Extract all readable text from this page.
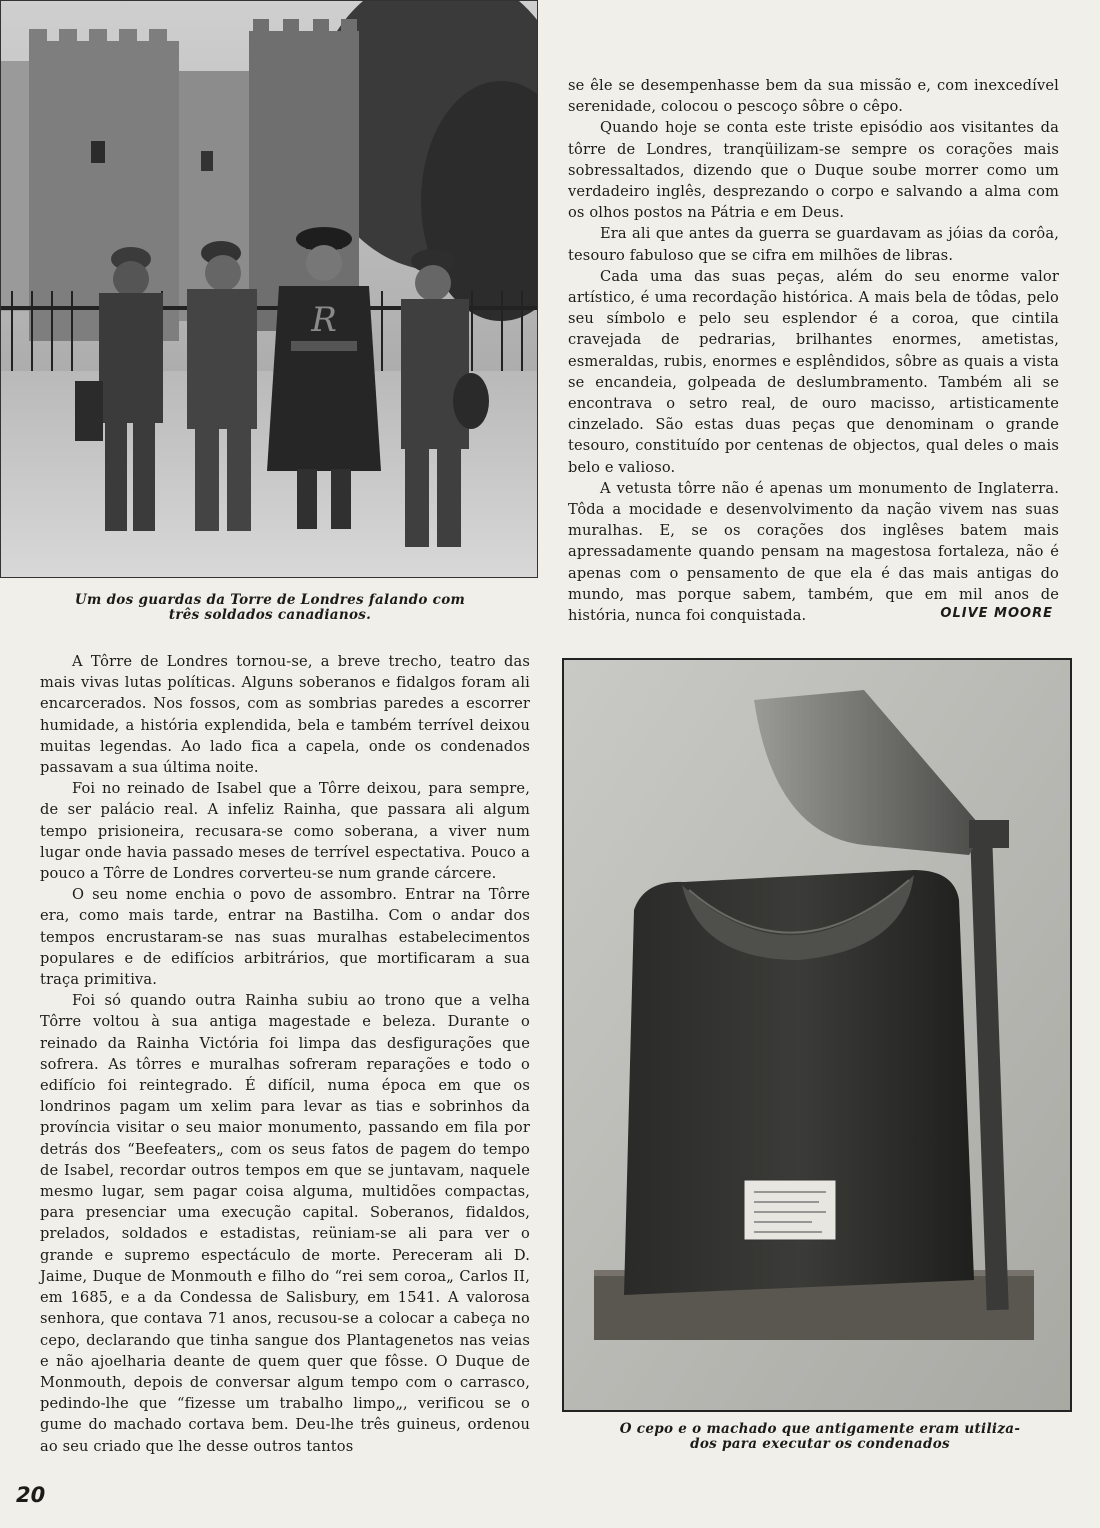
R
Um dos guardas da Torre de Londres falando com
três soldados canadianos.

se êle se desempenhasse bem da sua missão e, com inexcedível serenidade, colocou o pescoço sôbre o cêpo.

Quando hoje se conta este triste episódio aos visitantes da tôrre de Londres, tranqüilizam-se sempre os corações mais sobressaltados, dizendo que o Duque soube morrer como um verdadeiro inglês, desprezando o corpo e salvando a alma com os olhos postos na Pátria e em Deus.

Era ali que antes da guerra se guardavam as jóias da corôa, tesouro fabuloso que se cifra em milhões de libras.

Cada uma das suas peças, além do seu enorme valor artístico, é uma recordação histórica. A mais bela de tôdas, pelo seu símbolo e pelo seu esplendor é a coroa, que cintila cravejada de pedrarias, brilhantes enormes, ametistas, esmeraldas, rubis, enormes e esplêndidos, sôbre as quais a vista se encandeia, golpeada de deslumbramento. Também ali se encontrava o setro real, de ouro macisso, artisticamente cinzelado. São estas duas peças que denominam o grande tesouro, constituído por centenas de objectos, qual deles o mais belo e valioso.

A vetusta tôrre não é apenas um monumento de Inglaterra. Tôda a mocidade e desenvolvimento da nação vivem nas suas muralhas. E, se os corações dos inglêses batem mais apressadamente quando pensam na magestosa fortaleza, não é apenas com o pensamento de que ela é das mais antigas do mundo, mas porque sabem, também, que em mil anos de história, nunca foi conquistada.	OLIVE MOORE

A Tôrre de Londres tornou-se, a breve trecho, teatro das mais vivas lutas políticas. Alguns soberanos e fidalgos foram ali encarcerados. Nos fossos, com as sombrias paredes a escorrer humidade, a história explendida, bela e também terrível deixou muitas legendas. Ao lado fica a capela, onde os condenados passavam a sua última noite.

Foi no reinado de Isabel que a Tôrre deixou, para sempre, de ser palácio real. A infeliz Rainha, que passara ali algum tempo prisioneira, recusara-se como soberana, a viver num lugar onde havia passado meses de terrível espectativa. Pouco a pouco a Tôrre de Londres corverteu-se num grande cárcere.

O seu nome enchia o povo de assombro. Entrar na Tôrre era, como mais tarde, entrar na Bastilha. Com o andar dos tempos encrustaram-se nas suas muralhas estabelecimentos populares e de edifícios arbitrários, que mortificaram a sua traça primitiva.

Foi só quando outra Rainha subiu ao trono que a velha Tôrre voltou à sua antiga magestade e beleza. Durante o reinado da Rainha Victória foi limpa das desfigurações que sofrera. As tôrres e muralhas sofreram reparações e todo o edifício foi reintegrado. É difícil, numa época em que os londrinos pagam um xelim para levar as tias e sobrinhos da província visitar o seu maior monumento, passando em fila por detrás dos “Beefeaters„ com os seus fatos de pagem do tempo de Isabel, recordar outros tempos em que se juntavam, naquele mesmo lugar, sem pagar coisa alguma, multidões compactas, para presenciar uma execução capital. Soberanos, fidaldos, prelados, soldados e estadistas, reüniam-se ali para ver o grande e supremo espectáculo de morte. Pereceram ali D. Jaime, Duque de Monmouth e filho do “rei sem coroa„ Carlos II, em 1685, e a da Condessa de Salisbury, em 1541. A valorosa senhora, que contava 71 anos, recusou-se a colocar a cabeça no cepo, declarando que tinha sangue dos Plantagenetos nas veias e não ajoelharia deante de quem quer que fôsse. O Duque de Monmouth, depois de conversar algum tempo com o carrasco, pedindo-lhe que “fizesse um trabalho limpo„, verificou se o gume do machado cortava bem. Deu-lhe três guineus, ordenou ao seu criado que lhe desse outros tantos

O cepo e o machado que antigamente eram utiliza-
dos para executar os condenados
20
